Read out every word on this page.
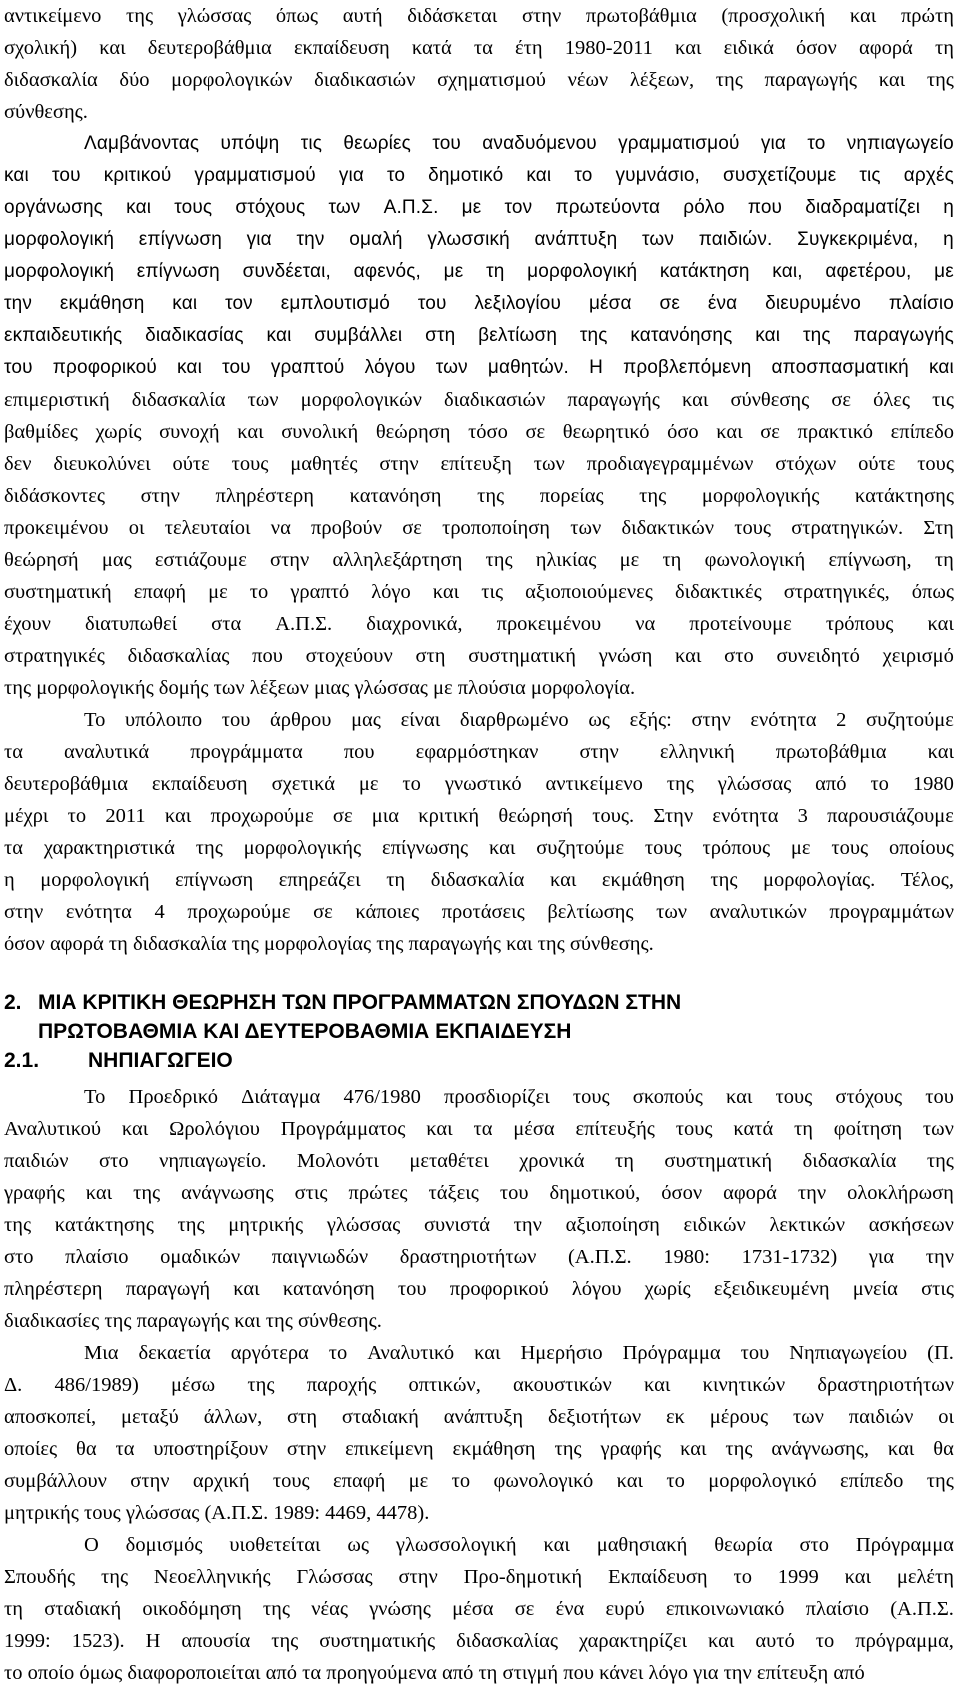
αντικείμενο της γλώσσας όπως αυτή διδάσκεται στην πρωτοβάθμια (προσχολική και πρώτη
σχολική) και δευτεροβάθμια εκπαίδευση κατά τα έτη 1980-2011 και ειδικά όσον αφορά τη
διδασκαλία δύο μορφολογικών διαδικασιών σχηματισμού νέων λέξεων, της παραγωγής και της
σύνθεσης.
Λαμβάνοντας υπόψη τις θεωρίες του αναδυόμενου γραμματισμού για το νηπιαγωγείο
και του κριτικού γραμματισμού για το δημοτικό και το γυμνάσιο, συσχετίζουμε τις αρχές
οργάνωσης και τους στόχους των Α.Π.Σ. με τον πρωτεύοντα ρόλο που διαδραματίζει η
μορφολογική επίγνωση για την ομαλή γλωσσική ανάπτυξη των παιδιών. Συγκεκριμένα, η
μορφολογική επίγνωση συνδέεται, αφενός, με τη μορφολογική κατάκτηση και, αφετέρου, με
την εκμάθηση και τον εμπλουτισμό του λεξιλογίου μέσα σε ένα διευρυμένο πλαίσιο
εκπαιδευτικής διαδικασίας και συμβάλλει στη βελτίωση της κατανόησης και της παραγωγής
του προφορικού και του γραπτού λόγου των μαθητών. Η προβλεπόμενη αποσπασματική και
επιμεριστική διδασκαλία των μορφολογικών διαδικασιών παραγωγής και σύνθεσης σε όλες τις
βαθμίδες χωρίς συνοχή και συνολική θεώρηση τόσο σε θεωρητικό όσο και σε πρακτικό επίπεδο
δεν διευκολύνει ούτε τους μαθητές στην επίτευξη των προδιαγεγραμμένων στόχων ούτε τους
διδάσκοντες στην πληρέστερη κατανόηση της πορείας της μορφολογικής κατάκτησης
προκειμένου οι τελευταίοι να προβούν σε τροποποίηση των διδακτικών τους στρατηγικών. Στη
θεώρησή μας εστιάζουμε στην αλληλεξάρτηση της ηλικίας με τη φωνολογική επίγνωση, τη
συστηματική επαφή με το γραπτό λόγο και τις αξιοποιούμενες διδακτικές στρατηγικές, όπως
έχουν διατυπωθεί στα Α.Π.Σ. διαχρονικά, προκειμένου να προτείνουμε τρόπους και
στρατηγικές διδασκαλίας που στοχεύουν στη συστηματική γνώση και στο συνειδητό χειρισμό
της μορφολογικής δομής των λέξεων μιας γλώσσας με πλούσια μορφολογία.
Το υπόλοιπο του άρθρου μας είναι διαρθρωμένο ως εξής: στην ενότητα 2 συζητούμε
τα αναλυτικά προγράμματα που εφαρμόστηκαν στην ελληνική πρωτοβάθμια και
δευτεροβάθμια εκπαίδευση σχετικά με το γνωστικό αντικείμενο της γλώσσας από το 1980
μέχρι το 2011 και προχωρούμε σε μια κριτική θεώρησή τους. Στην ενότητα 3 παρουσιάζουμε
τα χαρακτηριστικά της μορφολογικής επίγνωσης και συζητούμε τους τρόπους με τους οποίους
η μορφολογική επίγνωση επηρεάζει τη διδασκαλία και εκμάθηση της μορφολογίας. Τέλος,
στην ενότητα 4 προχωρούμε σε κάποιες προτάσεις βελτίωσης των αναλυτικών προγραμμάτων
όσον αφορά τη διδασκαλία της μορφολογίας της παραγωγής και της σύνθεσης.
2. ΜΙΑ ΚΡΙΤΙΚΗ ΘΕΩΡΗΣΗ ΤΩΝ ΠΡΟΓΡΑΜΜΑΤΩΝ ΣΠΟΥΔΩΝ ΣΤΗΝ
ΠΡΩΤΟΒΑΘΜΙΑ ΚΑΙ ΔΕΥΤΕΡΟΒΑΘΜΙΑ ΕΚΠΑΙΔΕΥΣΗ
2.1. ΝΗΠΙΑΓΩΓΕΙΟ
Το Προεδρικό Διάταγμα 476/1980 προσδιορίζει τους σκοπούς και τους στόχους του
Αναλυτικού και Ωρολόγιου Προγράμματος και τα μέσα επίτευξής τους κατά τη φοίτηση των
παιδιών στο νηπιαγωγείο. Μολονότι μεταθέτει χρονικά τη συστηματική διδασκαλία της
γραφής και της ανάγνωσης στις πρώτες τάξεις του δημοτικού, όσον αφορά την ολοκλήρωση
της κατάκτησης της μητρικής γλώσσας συνιστά την αξιοποίηση ειδικών λεκτικών ασκήσεων
στο πλαίσιο ομαδικών παιγνιωδών δραστηριοτήτων (Α.Π.Σ. 1980: 1731-1732) για την
πληρέστερη παραγωγή και κατανόηση του προφορικού λόγου χωρίς εξειδικευμένη μνεία στις
διαδικασίες της παραγωγής και της σύνθεσης.
Μια δεκαετία αργότερα το Αναλυτικό και Ημερήσιο Πρόγραμμα του Νηπιαγωγείου (Π.
Δ. 486/1989) μέσω της παροχής οπτικών, ακουστικών και κινητικών δραστηριοτήτων
αποσκοπεί, μεταξύ άλλων, στη σταδιακή ανάπτυξη δεξιοτήτων εκ μέρους των παιδιών οι
οποίες θα τα υποστηρίξουν στην επικείμενη εκμάθηση της γραφής και της ανάγνωσης, και θα
συμβάλλουν στην αρχική τους επαφή με το φωνολογικό και το μορφολογικό επίπεδο της
μητρικής τους γλώσσας (Α.Π.Σ. 1989: 4469, 4478).
Ο δομισμός υιοθετείται ως γλωσσολογική και μαθησιακή θεωρία στο Πρόγραμμα
Σπουδής της Νεοελληνικής Γλώσσας στην Προ-δημοτική Εκπαίδευση το 1999 και μελέτη
τη σταδιακή οικοδόμηση της νέας γνώσης μέσα σε ένα ευρύ επικοινωνιακό πλαίσιο (Α.Π.Σ.
1999: 1523). Η απουσία της συστηματικής διδασκαλίας χαρακτηρίζει και αυτό το πρόγραμμα,
το οποίο όμως διαφοροποιείται από τα προηγούμενα από τη στιγμή που κάνει λόγο για την επίτευξη από
